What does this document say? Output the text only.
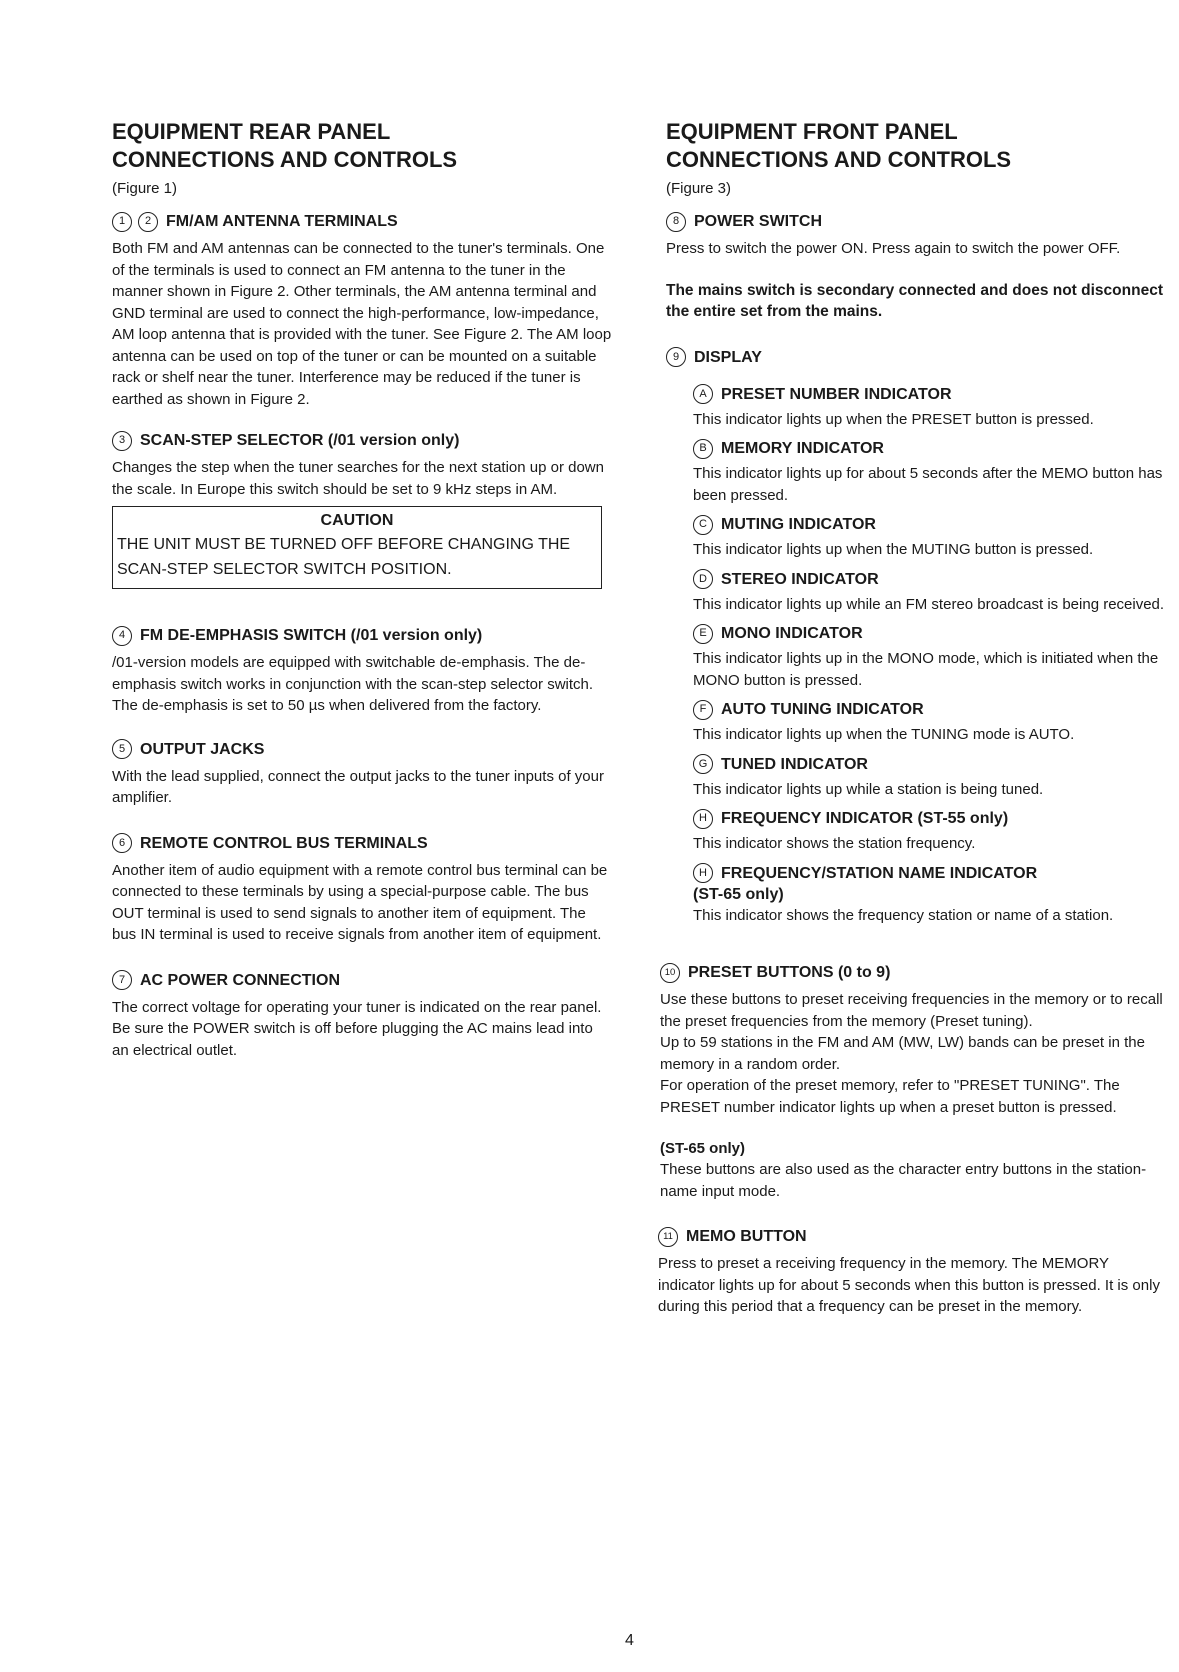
EQUIPMENT REAR PANEL
CONNECTIONS AND CONTROLS
(Figure 1)
1	2 FM/AM ANTENNA TERMINALS

Both FM and AM antennas can be connected to the tuner's terminals. One of the terminals is used to connect an FM antenna to the tuner in the manner shown in Figure 2. Other terminals, the AM antenna terminal and GND terminal are used to connect the high-performance, low-impedance, AM loop antenna that is provided with the tuner. See Figure 2. The AM loop antenna can be used on top of the tuner or can be mounted on a suitable rack or shelf near the tuner. Interference may be reduced if the tuner is earthed as shown in Figure 2.

3 SCAN-STEP SELECTOR (/01 version only)

Changes the step when the tuner searches for the next station up or down the scale. In Europe this switch should be set to 9 kHz steps in AM.

CAUTION
THE UNIT MUST BE TURNED OFF BEFORE CHANGING THE SCAN-STEP SELECTOR SWITCH POSITION.
4 FM DE-EMPHASIS SWITCH (/01 version only)

/01-version models are equipped with switchable de-emphasis. The de-emphasis switch works in conjunction with the scan-step selector switch.

The de-emphasis is set to 50 µs when delivered from the factory.

5 OUTPUT JACKS

With the lead supplied, connect the output jacks to the tuner inputs of your amplifier.

6 REMOTE CONTROL BUS TERMINALS

Another item of audio equipment with a remote control bus terminal can be connected to these terminals by using a special-purpose cable. The bus OUT terminal is used to send signals to another item of equipment. The bus IN terminal is used to receive signals from another item of equipment.

7 AC POWER CONNECTION

The correct voltage for operating your tuner is indicated on the rear panel. Be sure the POWER switch is off before plugging the AC mains lead into an electrical outlet.

EQUIPMENT FRONT PANEL
CONNECTIONS AND CONTROLS
(Figure 3)
8 POWER SWITCH

Press to switch the power ON. Press again to switch the power OFF.

The mains switch is secondary connected and does not disconnect the entire set from the mains.

9 DISPLAY
A PRESET NUMBER INDICATOR

This indicator lights up when the PRESET button is pressed.

B MEMORY INDICATOR

This indicator lights up for about 5 seconds after the MEMO button has been pressed.

C MUTING INDICATOR

This indicator lights up when the MUTING button is pressed.

D STEREO INDICATOR

This indicator lights up while an FM stereo broadcast is being received.

E MONO INDICATOR

This indicator lights up in the MONO mode, which is initiated when the MONO button is pressed.

F AUTO TUNING INDICATOR

This indicator lights up when the TUNING mode is AUTO.

G TUNED INDICATOR

This indicator lights up while a station is being tuned.

H FREQUENCY INDICATOR (ST-55 only)

This indicator shows the station frequency.

H FREQUENCY/STATION NAME INDICATOR
(ST-65 only)

This indicator shows the frequency station or name of a station.

10 PRESET BUTTONS (0 to 9)

Use these buttons to preset receiving frequencies in the memory or to recall the preset frequencies from the memory (Preset tuning).

Up to 59 stations in the FM and AM (MW, LW) bands can be preset in the memory in a random order.

For operation of the preset memory, refer to "PRESET TUNING". The PRESET number indicator lights up when a preset button is pressed.

(ST-65 only)

These buttons are also used as the character entry buttons in the station-name input mode.

11 MEMO BUTTON

Press to preset a receiving frequency in the memory. The MEMORY indicator lights up for about 5 seconds when this button is pressed. It is only during this period that a frequency can be preset in the memory.

4
